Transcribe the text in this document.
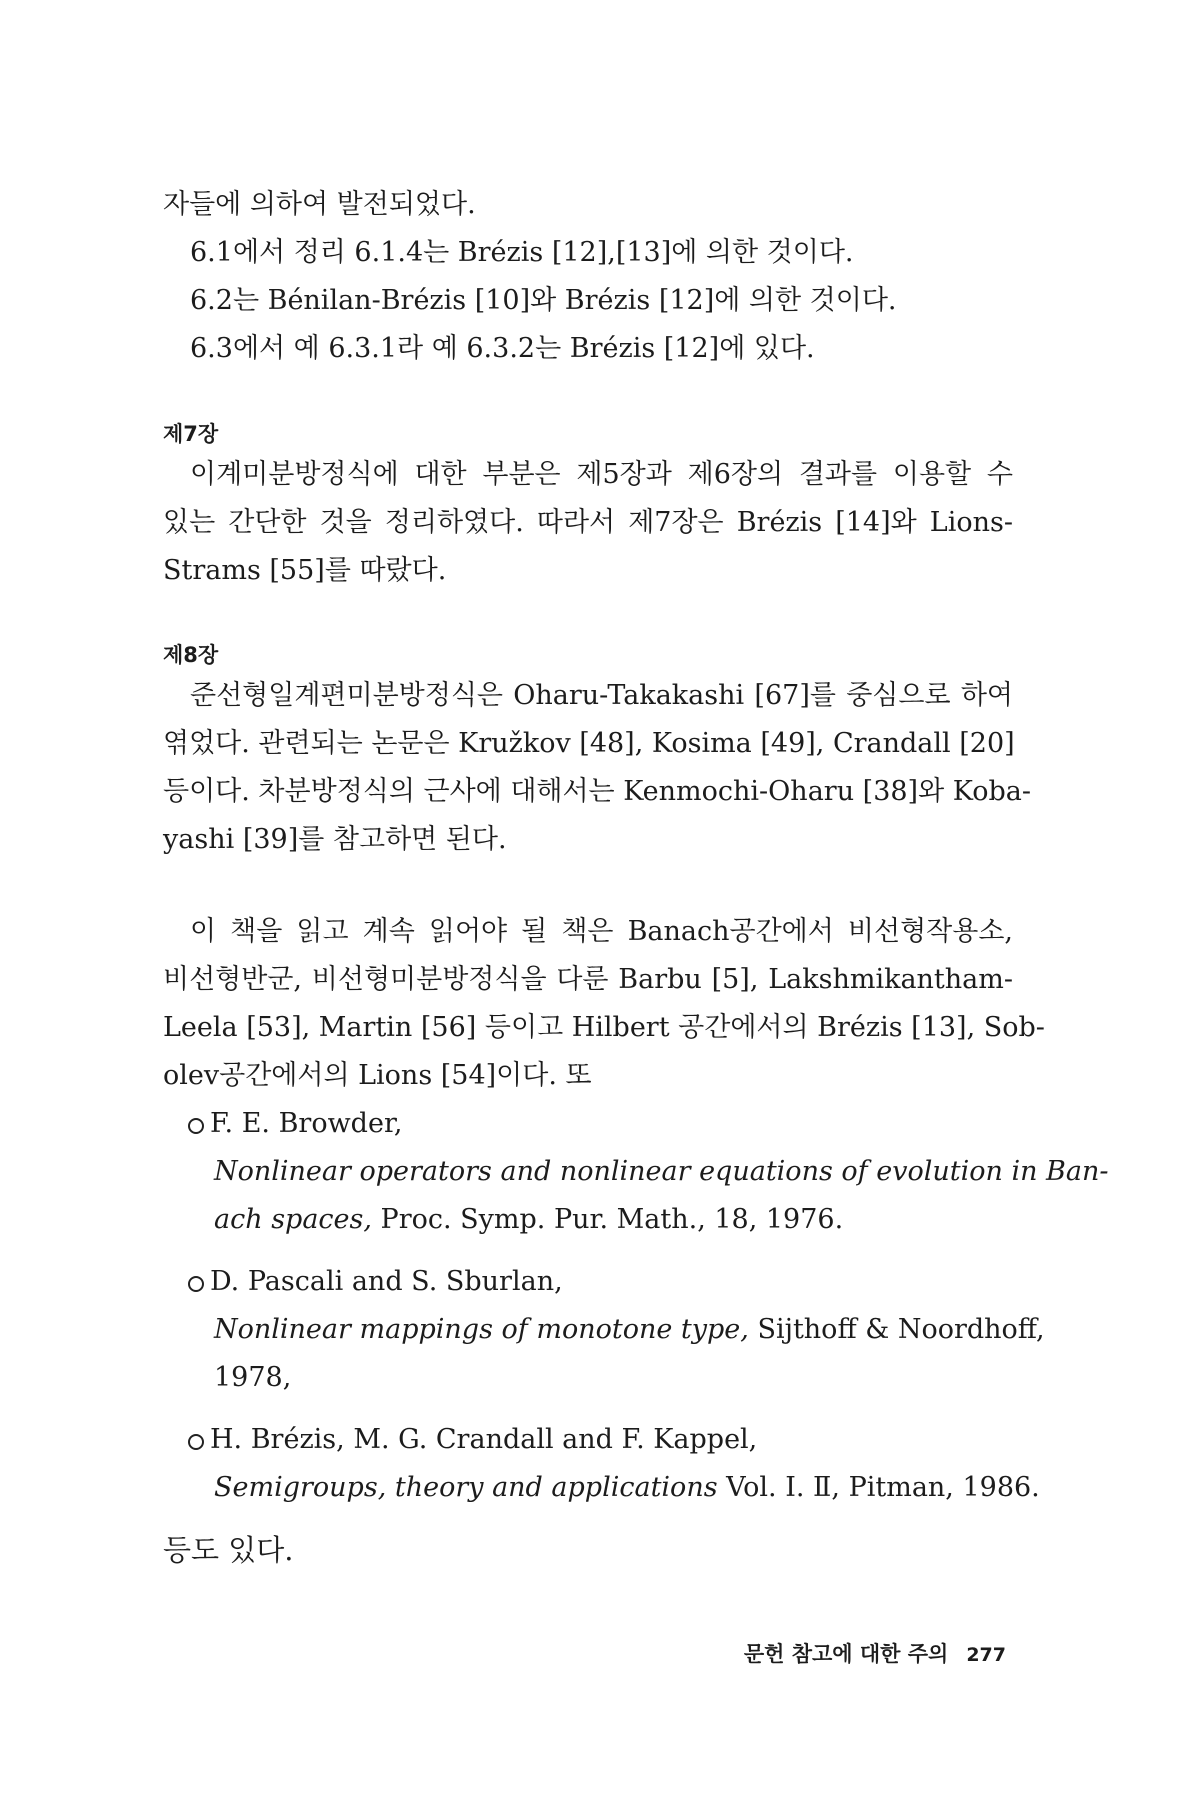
자들에 의하여 발전되었다.
6.1에서 정리 6.1.4는 Brézis [12],[13]에 의한 것이다.
6.2는 Bénilan-Brézis [10]와 Brézis [12]에 의한 것이다.
6.3에서 예 6.3.1라 예 6.3.2는 Brézis [12]에 있다.
제7장
이계미분방정식에 대한 부분은 제5장과 제6장의 결과를 이용할 수
있는 간단한 것을 정리하였다. 따라서 제7장은 Brézis [14]와 Lions-
Strams [55]를 따랐다.
제8장
준선형일계편미분방정식은 Oharu-Takakashi [67]를 중심으로 하여
엮었다. 관련되는 논문은 Kružkov [48], Kosima [49], Crandall [20]
등이다. 차분방정식의 근사에 대해서는 Kenmochi-Oharu [38]와 Koba-
yashi [39]를 참고하면 된다.
이 책을 읽고 계속 읽어야 될 책은 Banach공간에서 비선형작용소,
비선형반군, 비선형미분방정식을 다룬 Barbu [5], Lakshmikantham-
Leela [53], Martin [56] 등이고 Hilbert 공간에서의 Brézis [13], Sob-
olev공간에서의 Lions [54]이다. 또
F. E. Browder,
Nonlinear operators and nonlinear equations of evolution in Ban-
ach spaces, Proc. Symp. Pur. Math., 18, 1976.
D. Pascali and S. Sburlan,
Nonlinear mappings of monotone type, Sijthoff & Noordhoff,
1978,
H. Brézis, M. G. Crandall and F. Kappel,
Semigroups, theory and applications Vol. Ⅰ. Ⅱ, Pitman, 1986.
등도 있다.
문헌 참고에 대한 주의 277
